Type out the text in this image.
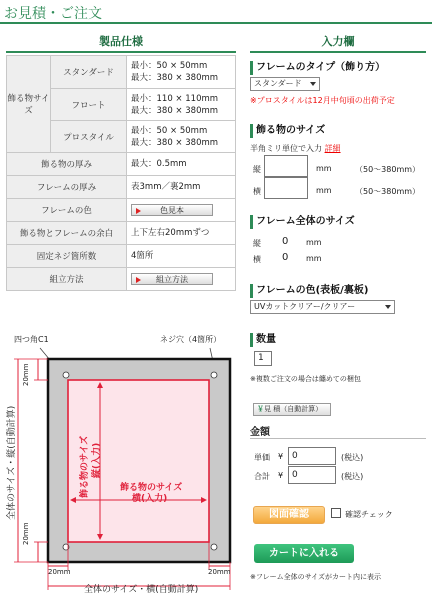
お見積・ご注文
製品仕様
飾る物サイズ	スタンダード	最小：50 × 50mm
最大：380 × 380mm

	フロート	最小：110 × 110mm
最大：380 × 380mm

	プロスタイル	最小：50 × 50mm
最大：380 × 380mm

飾る物の厚み		最大：0.5mm
フレームの厚み		表3mm／裏2mm
フレームの色		色見本
飾る物とフレームの余白		上下左右20mmずつ
固定ネジ箇所数		4箇所
組立方法		組立方法
四つ角C1	ネジ穴（4箇所）
20mm
20mm
全体のサイズ・縦(自動計算)	飾る物のサイズ 縦(入力)
飾る物のサイズ
横(入力)
20mm	20mm
全体のサイズ・横(自動計算)
入力欄
フレームのタイプ（飾り方）
スタンダード
※プロスタイルは12月中旬頃の出荷予定
飾る物のサイズ
半角ミリ単位で入力 詳細
縦	mm	（50〜380mm）
横	mm	（50〜380mm）
フレーム全体のサイズ
縦 0 mm
横 0 mm
フレームの色(表板/裏板)
UVカットクリアー/クリアー
数量
1
※複数ご注文の場合は纏めての梱包
￥見 積（自動計算）
金額
単価 ¥ 0	(税込)
合計 ¥ 0	(税込)
図面確認	確認チェック
カートに入れる
※フレーム全体のサイズがカート内に表示
